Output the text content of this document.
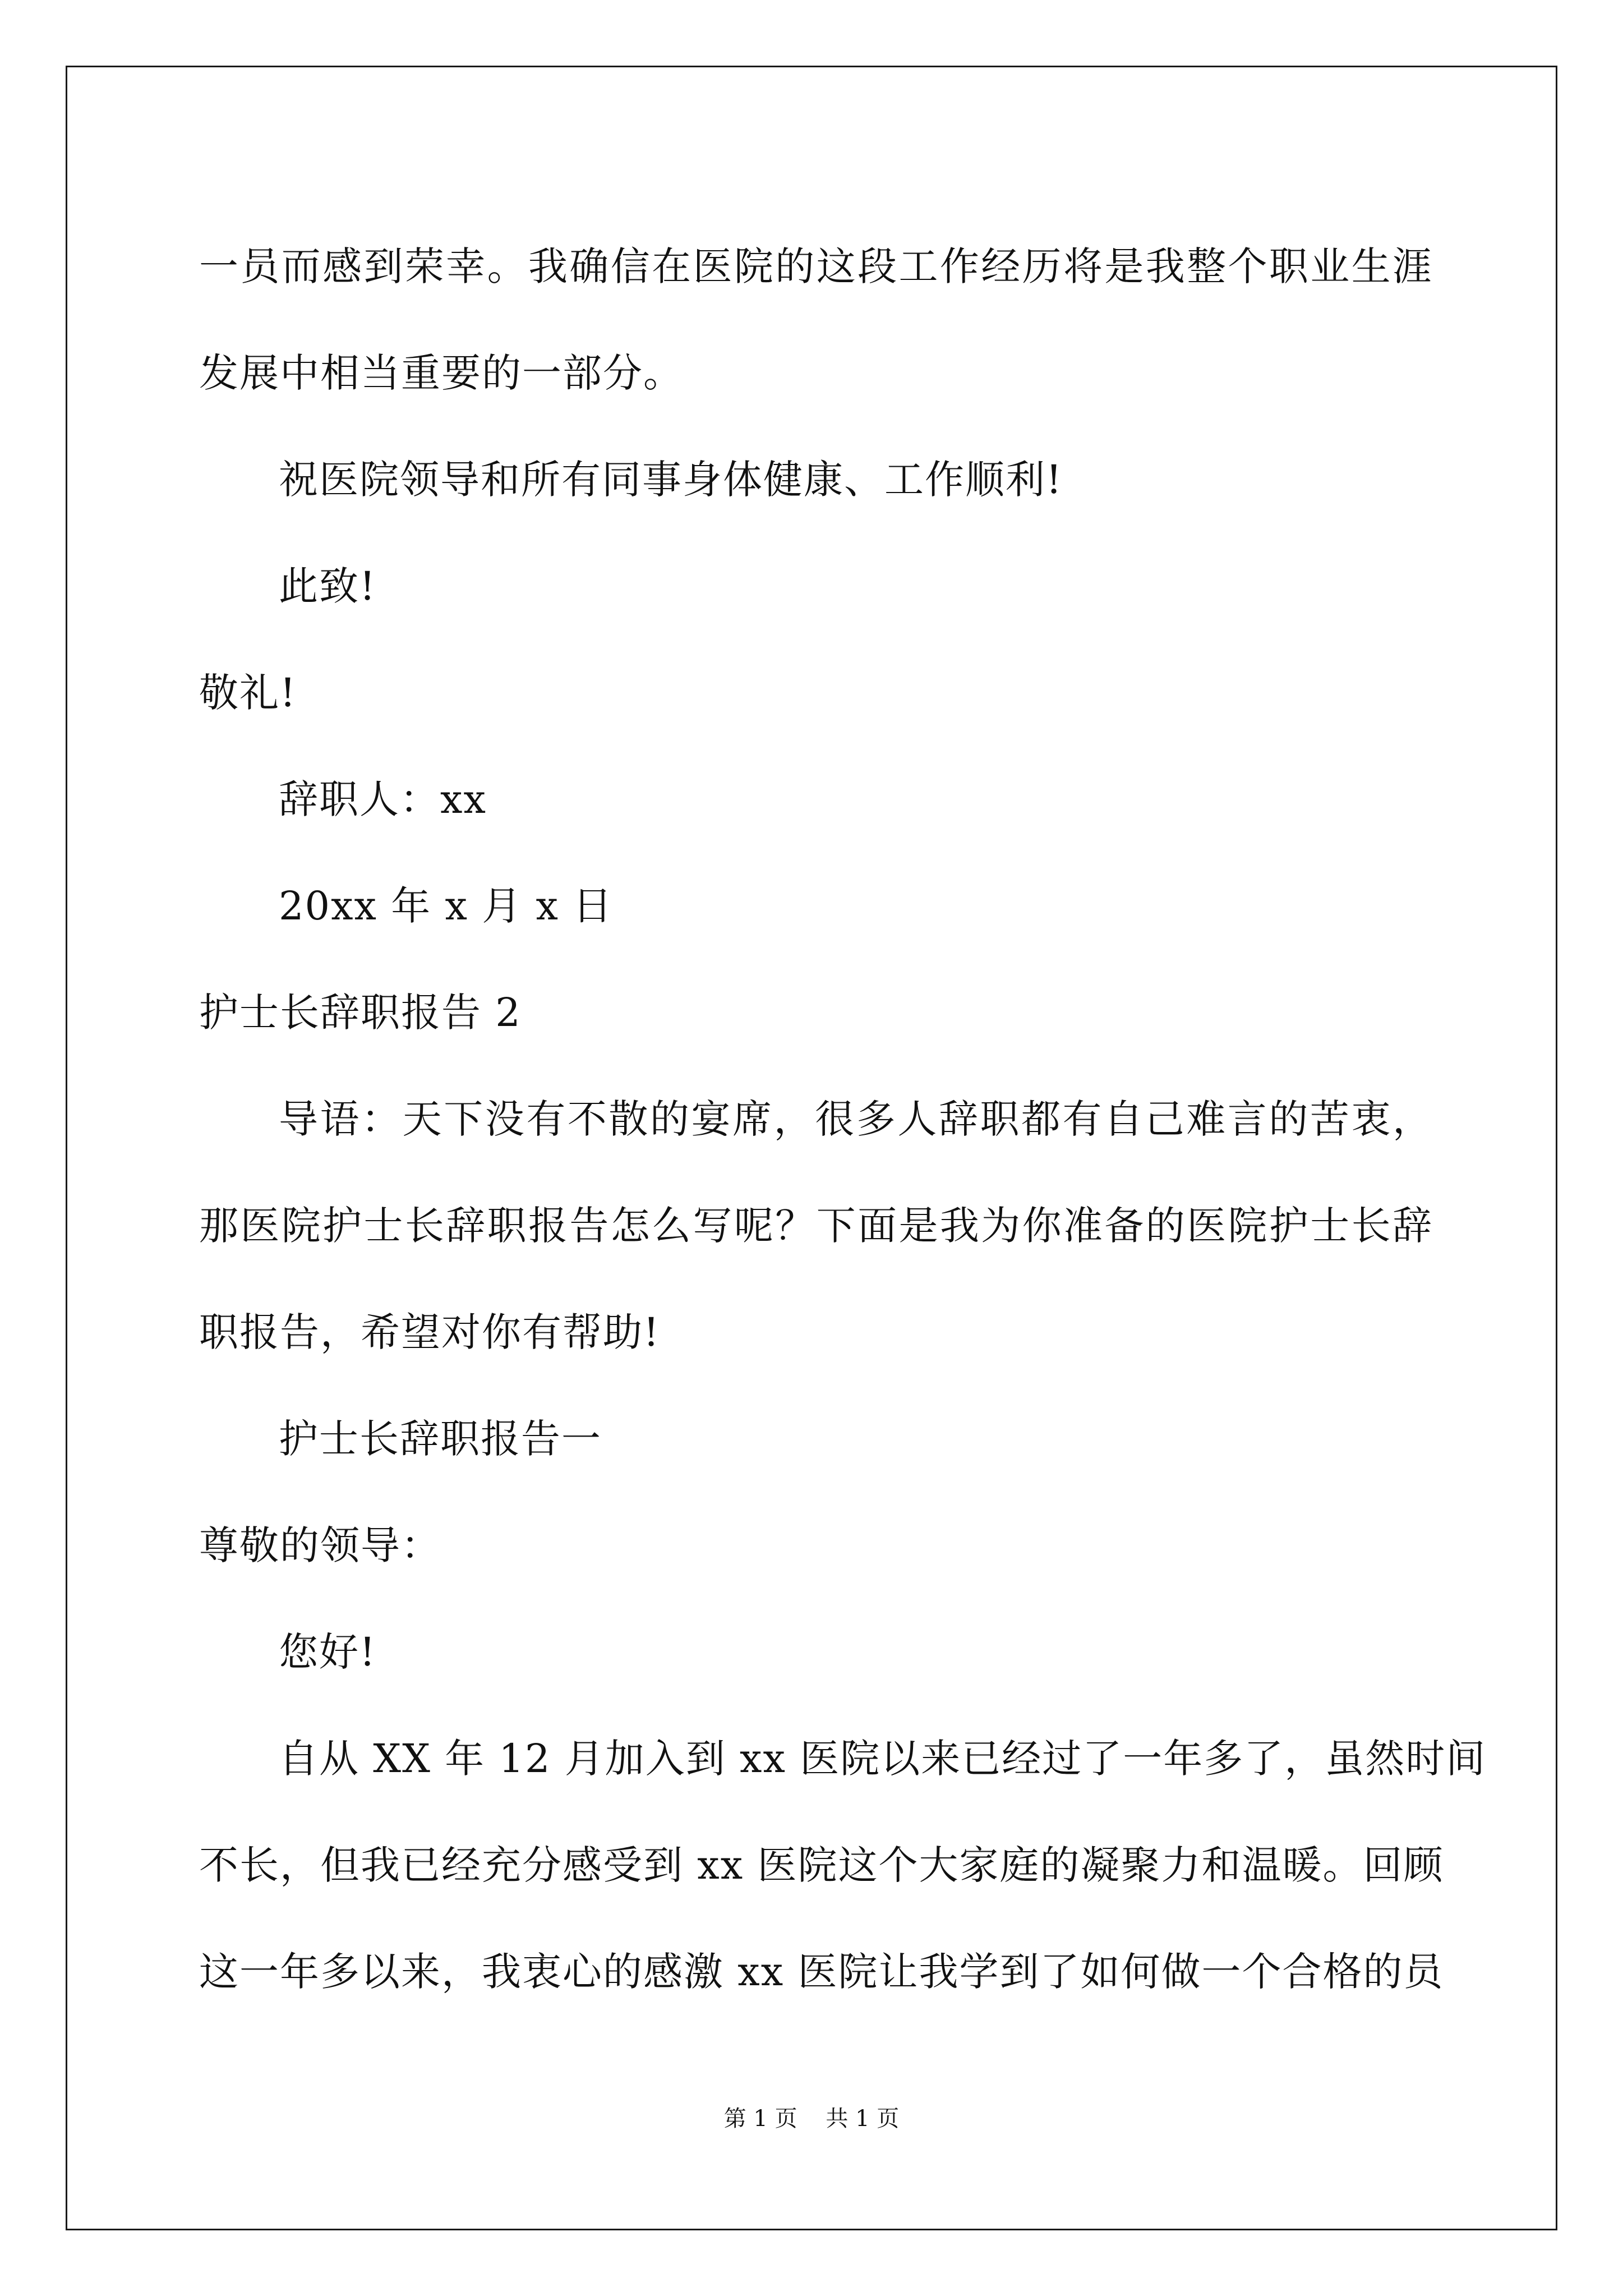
一员而感到荣幸。我确信在医院的这段工作经历将是我整个职业生涯
发展中相当重要的一部分。
祝医院领导和所有同事身体健康、工作顺利!
此致!
敬礼!
辞职人：xx
20xx 年 x 月 x 日
护士长辞职报告 2
导语：天下没有不散的宴席，很多人辞职都有自己难言的苦衷，
那医院护士长辞职报告怎么写呢？下面是我为你准备的医院护士长辞
职报告，希望对你有帮助!
护士长辞职报告一
尊敬的领导：
您好!
自从 XX 年 12 月加入到 xx 医院以来已经过了一年多了，虽然时间
不长，但我已经充分感受到 xx 医院这个大家庭的凝聚力和温暖。回顾
这一年多以来，我衷心的感激 xx 医院让我学到了如何做一个合格的员
第 1 页    共 1 页
